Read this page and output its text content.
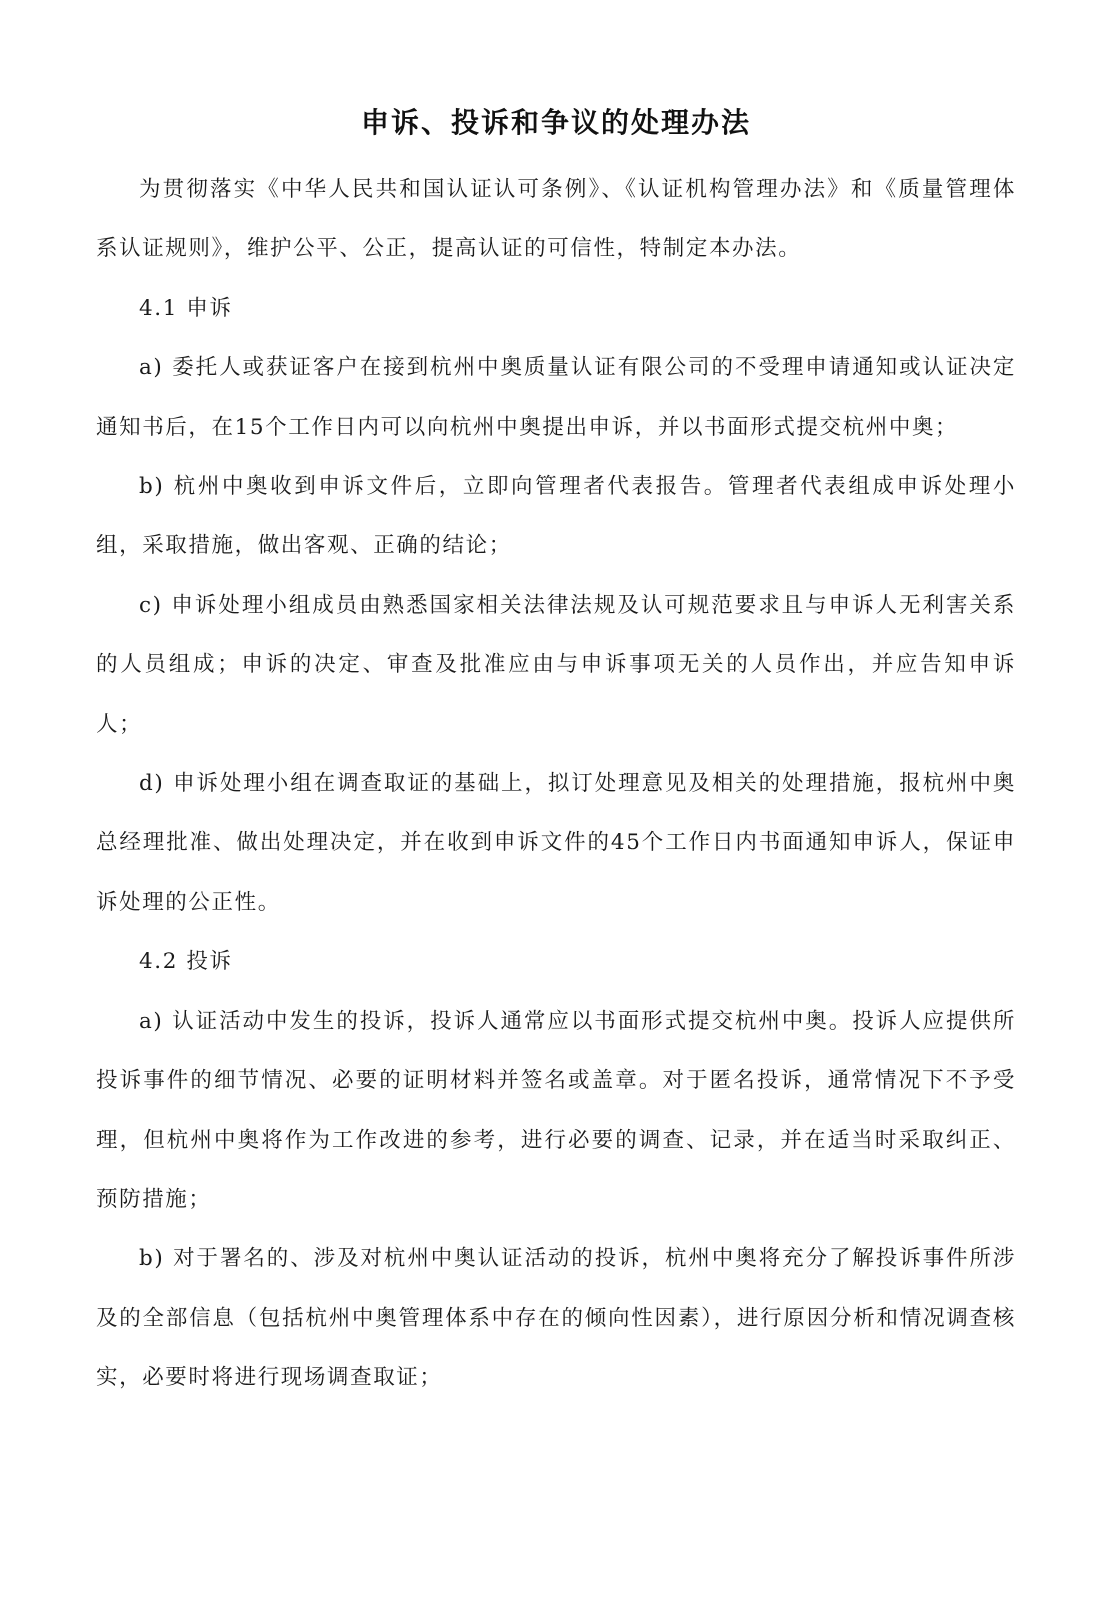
申诉、投诉和争议的处理办法

为贯彻落实《中华人民共和国认证认可条例》、《认证机构管理办法》和《质量管理体系认证规则》，维护公平、公正，提高认证的可信性，特制定本办法。

4.1 申诉

a) 委托人或获证客户在接到杭州中奥质量认证有限公司的不受理申请通知或认证决定通知书后，在15个工作日内可以向杭州中奥提出申诉，并以书面形式提交杭州中奥；

b) 杭州中奥收到申诉文件后，立即向管理者代表报告。管理者代表组成申诉处理小组，采取措施，做出客观、正确的结论；

c) 申诉处理小组成员由熟悉国家相关法律法规及认可规范要求且与申诉人无利害关系的人员组成；申诉的决定、审查及批准应由与申诉事项无关的人员作出，并应告知申诉人；

d) 申诉处理小组在调查取证的基础上，拟订处理意见及相关的处理措施，报杭州中奥总经理批准、做出处理决定，并在收到申诉文件的45个工作日内书面通知申诉人，保证申诉处理的公正性。

4.2 投诉

a) 认证活动中发生的投诉，投诉人通常应以书面形式提交杭州中奥。投诉人应提供所投诉事件的细节情况、必要的证明材料并签名或盖章。对于匿名投诉，通常情况下不予受理，但杭州中奥将作为工作改进的参考，进行必要的调查、记录，并在适当时采取纠正、预防措施；

b) 对于署名的、涉及对杭州中奥认证活动的投诉，杭州中奥将充分了解投诉事件所涉及的全部信息（包括杭州中奥管理体系中存在的倾向性因素），进行原因分析和情况调查核实，必要时将进行现场调查取证；
